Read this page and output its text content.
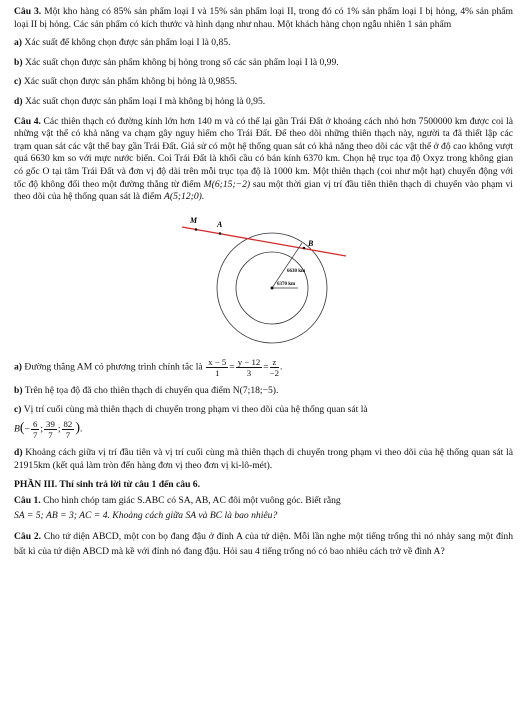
Câu 3. Một kho hàng có 85% sản phẩm loại I và 15% sản phẩm loại II, trong đó có 1% sản phẩm loại I bị hỏng, 4% sản phẩm loại II bị hỏng. Các sản phẩm có kích thước và hình dạng như nhau. Một khách hàng chọn ngẫu nhiên 1 sản phẩm

a) Xác suất để không chọn được sản phẩm loại I là 0,85.

b) Xác suất chọn được sản phẩm không bị hỏng trong số các sản phẩm loại I là 0,99.

c) Xác suất chọn được sản phẩm không bị hỏng là 0,9855.

d) Xác suất chọn được sản phẩm loại I mà không bị hỏng là 0,95.

Câu 4. Các thiên thạch có đường kính lớn hơn 140 m và có thể lại gần Trái Đất ở khoảng cách nhỏ hơn 7500000 km được coi là những vật thể có khả năng va chạm gây nguy hiểm cho Trái Đất. Để theo dõi những thiên thạch này, người ta đã thiết lập các trạm quan sát các vật thể bay gần Trái Đất. Giả sử có một hệ thống quan sát có khả năng theo dõi các vật thể ở độ cao không vượt quá 6630 km so với mực nước biển. Coi Trái Đất là khối cầu có bán kính 6370 km. Chọn hệ trục tọa độ Oxyz trong không gian có gốc O tại tâm Trái Đất và đơn vị độ dài trên mỗi trục tọa độ là 1000 km. Một thiên thạch (coi như một hạt) chuyển động với tốc độ không đổi theo một đường thẳng từ điểm M(6;15;−2) sau một thời gian vị trí đầu tiên thiên thạch di chuyển vào phạm vi theo dõi của hệ thống quan sát là điểm A(5;12;0).

M A
B
6630 km
6370 km

a) Đường thẳng AM có phương trình chính tắc là $\frac{x - 5}{1} = \frac{y - 12}{3} = \frac{z}{-2}$ .

b) Trên hệ tọa độ đã cho thiên thạch di chuyển qua điểm N(7;18;−5).

c) Vị trí cuối cùng mà thiên thạch di chuyển trong phạm vi theo dõi của hệ thống quan sát là

$B(- \frac{6}{7}$ ; $\frac{39}{7}$ ; $\frac{82}{7}$ ).

d) Khoảng cách giữa vị trí đầu tiên và vị trí cuối cùng mà thiên thạch di chuyển trong phạm vi theo dõi của hệ thống quan sát là 21915km (kết quả làm tròn đến hàng đơn vị theo đơn vị ki-lô-mét).

PHẦN III. Thí sinh trả lời từ câu 1 đến câu 6.

Câu 1. Cho hình chóp tam giác S.ABC có SA, AB, AC đôi một vuông góc. Biết rằng

SA = 5; AB = 3; AC = 4. Khoảng cách giữa SA và BC là bao nhiêu?

Câu 2. Cho tứ diện ABCD, một con bọ đang đậu ở đỉnh A của tứ diện. Mỗi lần nghe một tiếng trống thì nó nhảy sang một đỉnh bất kì của tứ diện ABCD mà kề với đỉnh nó đang đậu. Hỏi sau 4 tiếng trống nó có bao nhiêu cách trở về đỉnh A?
